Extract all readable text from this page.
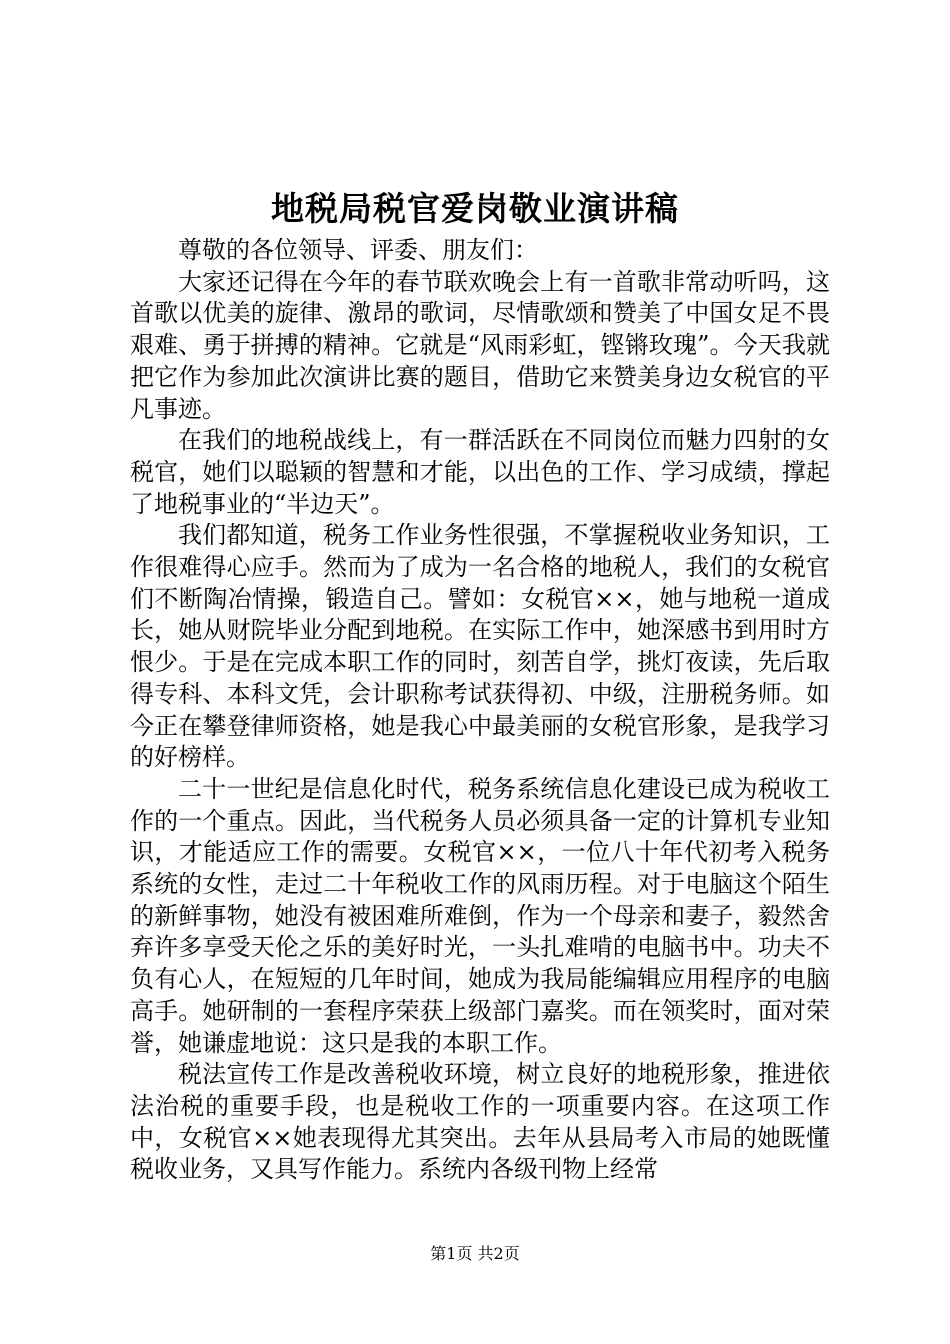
地税局税官爱岗敬业演讲稿

尊敬的各位领导、评委、朋友们：

大家还记得在今年的春节联欢晚会上有一首歌非常动听吗，这首歌以优美的旋律、激昂的歌词，尽情歌颂和赞美了中国女足不畏艰难、勇于拼搏的精神。它就是“风雨彩虹，铿锵玫瑰”。今天我就把它作为参加此次演讲比赛的题目，借助它来赞美身边女税官的平凡事迹。

在我们的地税战线上，有一群活跃在不同岗位而魅力四射的女税官，她们以聪颖的智慧和才能，以出色的工作、学习成绩，撑起了地税事业的“半边天”。

我们都知道，税务工作业务性很强，不掌握税收业务知识，工作很难得心应手。然而为了成为一名合格的地税人，我们的女税官们不断陶冶情操，锻造自己。譬如：女税官××，她与地税一道成长，她从财院毕业分配到地税。在实际工作中，她深感书到用时方恨少。于是在完成本职工作的同时，刻苦自学，挑灯夜读，先后取得专科、本科文凭，会计职称考试获得初、中级，注册税务师。如今正在攀登律师资格，她是我心中最美丽的女税官形象，是我学习的好榜样。

二十一世纪是信息化时代，税务系统信息化建设已成为税收工作的一个重点。因此，当代税务人员必须具备一定的计算机专业知识，才能适应工作的需要。女税官××，一位八十年代初考入税务系统的女性，走过二十年税收工作的风雨历程。对于电脑这个陌生的新鲜事物，她没有被困难所难倒，作为一个母亲和妻子，毅然舍弃许多享受天伦之乐的美好时光，一头扎难啃的电脑书中。功夫不负有心人，在短短的几年时间，她成为我局能编辑应用程序的电脑高手。她研制的一套程序荣获上级部门嘉奖。而在领奖时，面对荣誉，她谦虚地说：这只是我的本职工作。

税法宣传工作是改善税收环境，树立良好的地税形象，推进依法治税的重要手段，也是税收工作的一项重要内容。在这项工作中，女税官××她表现得尤其突出。去年从县局考入市局的她既懂税收业务，又具写作能力。系统内各级刊物上经常

第1页 共2页
